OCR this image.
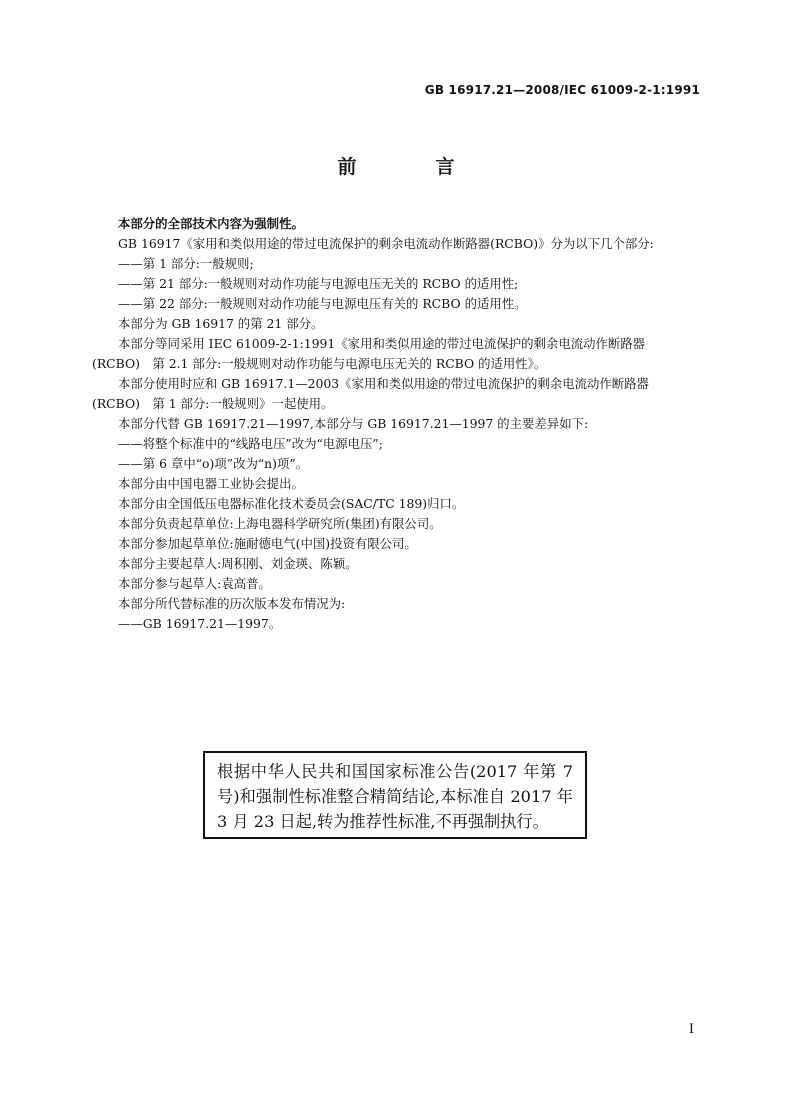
GB 16917.21—2008/IEC 61009-2-1:1991
前　言

本部分的全部技术内容为强制性。

GB 16917《家用和类似用途的带过电流保护的剩余电流动作断路器(RCBO)》分为以下几个部分:

——第 1 部分:一般规则;

——第 21 部分:一般规则对动作功能与电源电压无关的 RCBO 的适用性;

——第 22 部分:一般规则对动作功能与电源电压有关的 RCBO 的适用性。

本部分为 GB 16917 的第 21 部分。

本部分等同采用 IEC 61009-2-1:1991《家用和类似用途的带过电流保护的剩余电流动作断路器
(RCBO)　第 2.1 部分:一般规则对动作功能与电源电压无关的 RCBO 的适用性》。

本部分使用时应和 GB 16917.1—2003《家用和类似用途的带过电流保护的剩余电流动作断路器
(RCBO)　第 1 部分:一般规则》一起使用。

本部分代替 GB 16917.21—1997,本部分与 GB 16917.21—1997 的主要差异如下:

——将整个标准中的“线路电压”改为“电源电压”;

——第 6 章中“o)项”改为“n)项”。

本部分由中国电器工业协会提出。

本部分由全国低压电器标准化技术委员会(SAC/TC 189)归口。

本部分负责起草单位:上海电器科学研究所(集团)有限公司。

本部分参加起草单位:施耐德电气(中国)投资有限公司。

本部分主要起草人:周积刚、刘金瑛、陈颖。

本部分参与起草人:袁高普。

本部分所代替标准的历次版本发布情况为:

——GB 16917.21—1997。

根据中华人民共和国国家标准公告(2017 年第 7 号)和强制性标准整合精简结论,本标准自 2017 年 3 月 23 日起,转为推荐性标准,不再强制执行。

I
